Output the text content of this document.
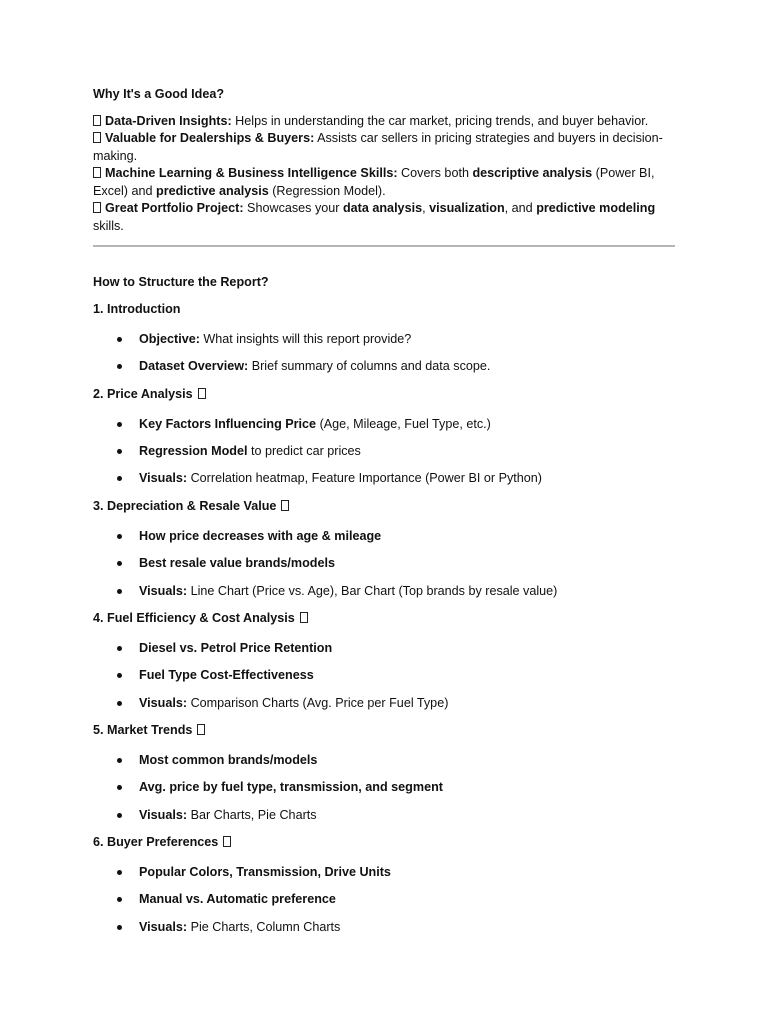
Why It's a Good Idea?

Data-Driven Insights: Helps in understanding the car market, pricing trends, and buyer behavior.

Valuable for Dealerships & Buyers: Assists car sellers in pricing strategies and buyers in decision-making.

Machine Learning & Business Intelligence Skills: Covers both descriptive analysis (Power BI, Excel) and predictive analysis (Regression Model).

Great Portfolio Project: Showcases your data analysis, visualization, and predictive modeling skills.

How to Structure the Report?

1. Introduction

Objective: What insights will this report provide?
Dataset Overview: Brief summary of columns and data scope.

2. Price Analysis

Key Factors Influencing Price (Age, Mileage, Fuel Type, etc.)
Regression Model to predict car prices
Visuals: Correlation heatmap, Feature Importance (Power BI or Python)

3. Depreciation & Resale Value

How price decreases with age & mileage
Best resale value brands/models
Visuals: Line Chart (Price vs. Age), Bar Chart (Top brands by resale value)

4. Fuel Efficiency & Cost Analysis

Diesel vs. Petrol Price Retention
Fuel Type Cost-Effectiveness
Visuals: Comparison Charts (Avg. Price per Fuel Type)

5. Market Trends

Most common brands/models
Avg. price by fuel type, transmission, and segment
Visuals: Bar Charts, Pie Charts

6. Buyer Preferences

Popular Colors, Transmission, Drive Units
Manual vs. Automatic preference
Visuals: Pie Charts, Column Charts
